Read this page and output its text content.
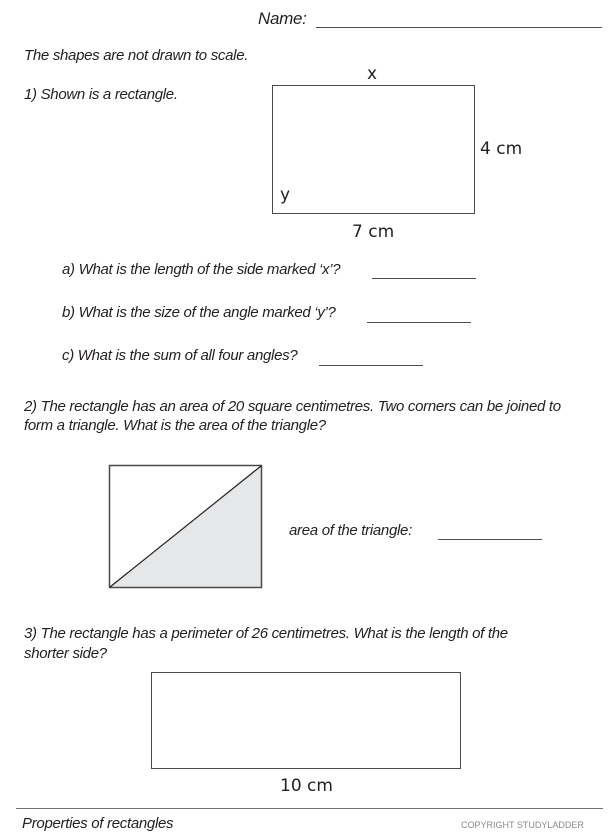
Name:
The shapes are not drawn to scale.
1) Shown is a rectangle.
x
4 cm
y
7 cm
a) What is the length of the side marked ‘x’?
b) What is the size of the angle marked ‘y’?
c) What is the sum of all four angles?
2) The rectangle has an area of 20 square centimetres. Two corners can be joined to
form a triangle. What is the area of the triangle?
area of the triangle:
3) The rectangle has a perimeter of 26 centimetres. What is the length of the
shorter side?
10 cm
Properties of rectangles	COPYRIGHT STUDYLADDER
